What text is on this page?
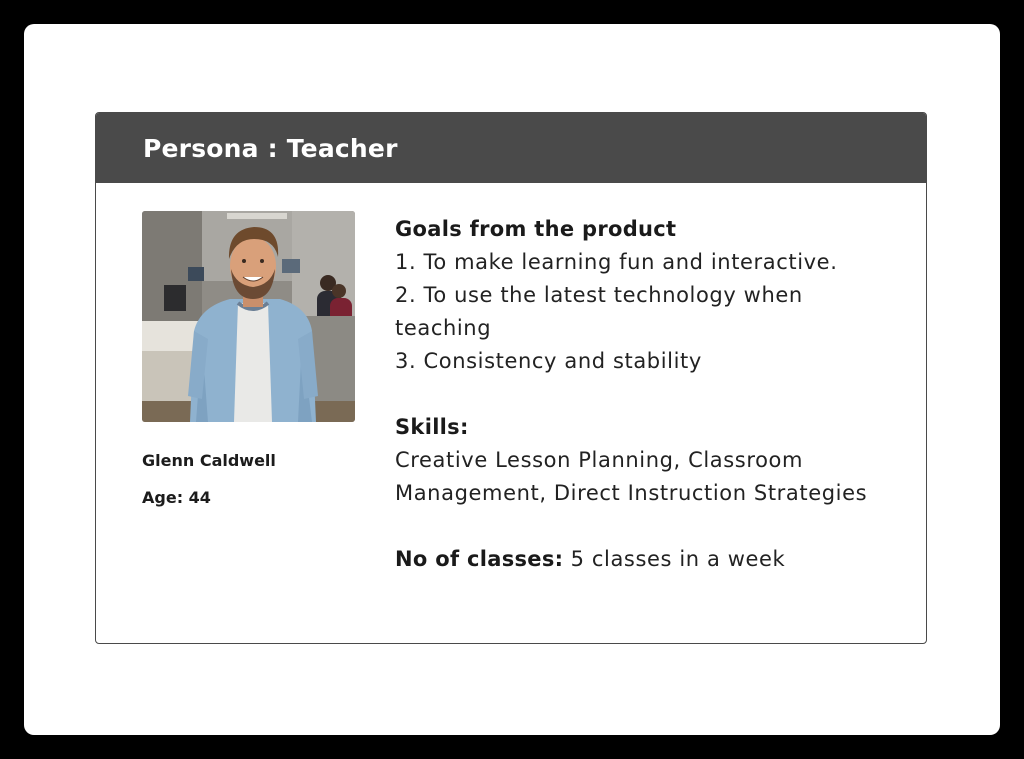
Persona : Teacher
Glenn Caldwell
Age: 44
Goals from the product
1. To make learning fun and interactive.
2. To use the latest technology when teaching
3. Consistency and stability
Skills:
Creative Lesson Planning, Classroom Management, Direct Instruction Strategies
No of classes: 5 classes in a week
